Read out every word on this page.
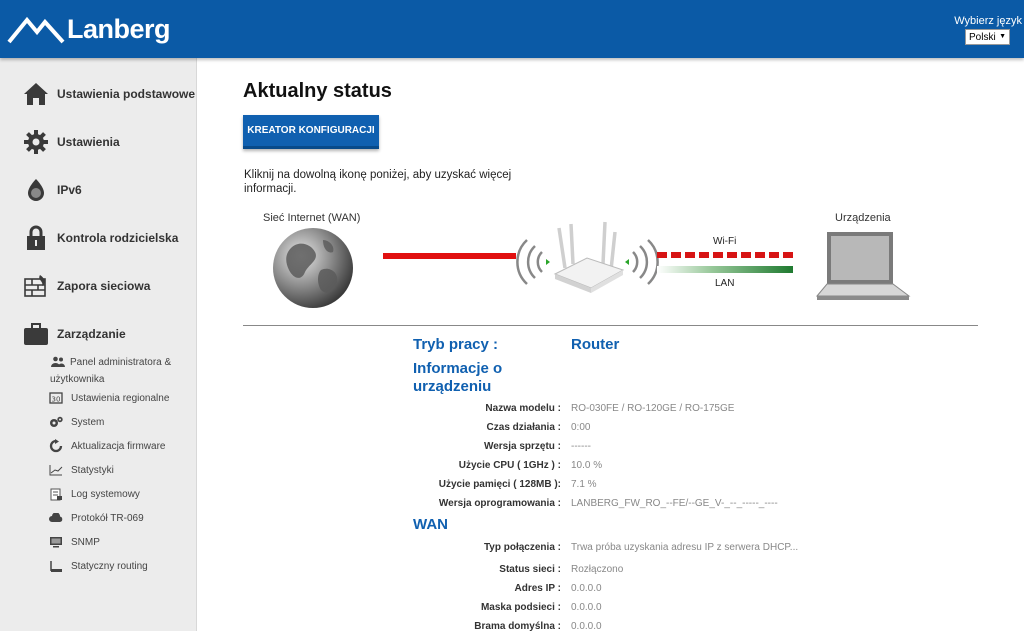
Lanberg	Wybierz język
Polski ▼
Ustawienia podstawowe
Ustawienia
IPv6
Kontrola rodzicielska
Zapora sieciowa
Zarządzanie
Panel administratora &
użytkownika
30 Ustawienia regionalne
System
Aktualizacja firmware
Statystyki
Log systemowy
Protokół TR-069
SNMP
Statyczny routing
Aktualny status
KREATOR KONFIGURACJI
Kliknij na dowolną ikonę poniżej, aby uzyskać więcej informacji.
Sieć Internet (WAN)	Urządzenia
Wi-Fi
LAN
Tryb pracy :	Router
Informacje o
urządzeniu
Nazwa modelu : RO-030FE / RO-120GE / RO-175GE
Czas działania : 0:00
Wersja sprzętu : ------
Użycie CPU ( 1GHz ) : 10.0 %
Użycie pamięci ( 128MB ): 7.1 %
Wersja oprogramowania : LANBERG_FW_RO_--FE/--GE_V-_--_-----_----
WAN
Typ połączenia : Trwa próba uzyskania adresu IP z serwera DHCP...
Status sieci : Rozłączono
Adres IP : 0.0.0.0
Maska podsieci : 0.0.0.0
Brama domyślna : 0.0.0.0
